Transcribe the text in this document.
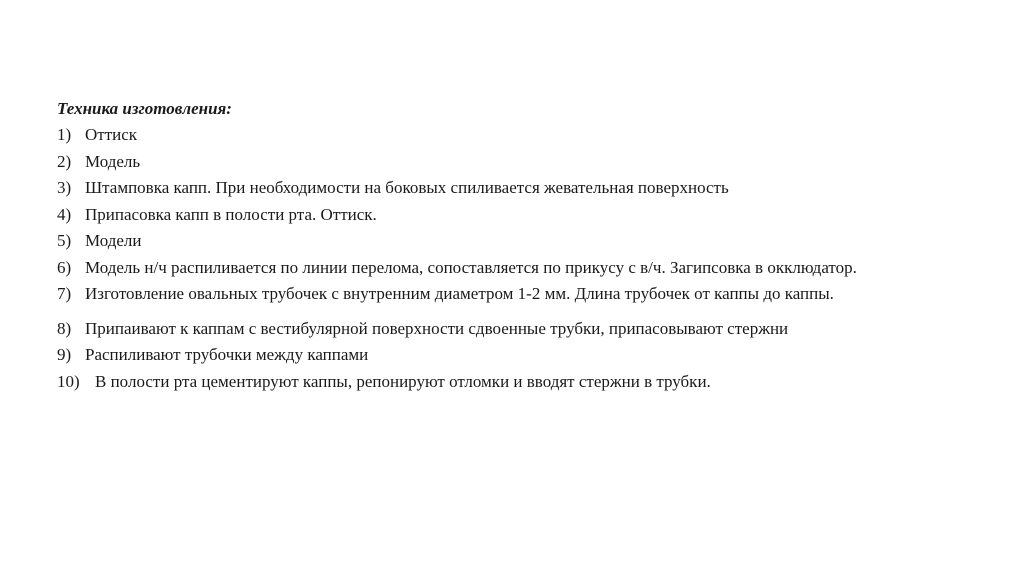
Техника изготовления:

1) Оттиск
2) Модель
3) Штамповка капп. При необходимости на боковых спиливается жевательная поверхность
4) Припасовка капп в полости рта. Оттиск.
5) Модели
6) Модель н/ч распиливается по линии перелома, сопоставляется по прикусу с в/ч. Загипсовка в окклюдатор.
7) Изготовление овальных трубочек с внутренним диаметром 1-2 мм. Длина трубочек от каппы до каппы.
8) Припаивают к каппам с вестибулярной поверхности сдвоенные трубки, припасовывают стержни
9) Распиливают трубочки между каппами
10) В полости рта цементируют каппы, репонируют отломки и вводят стержни в трубки.
